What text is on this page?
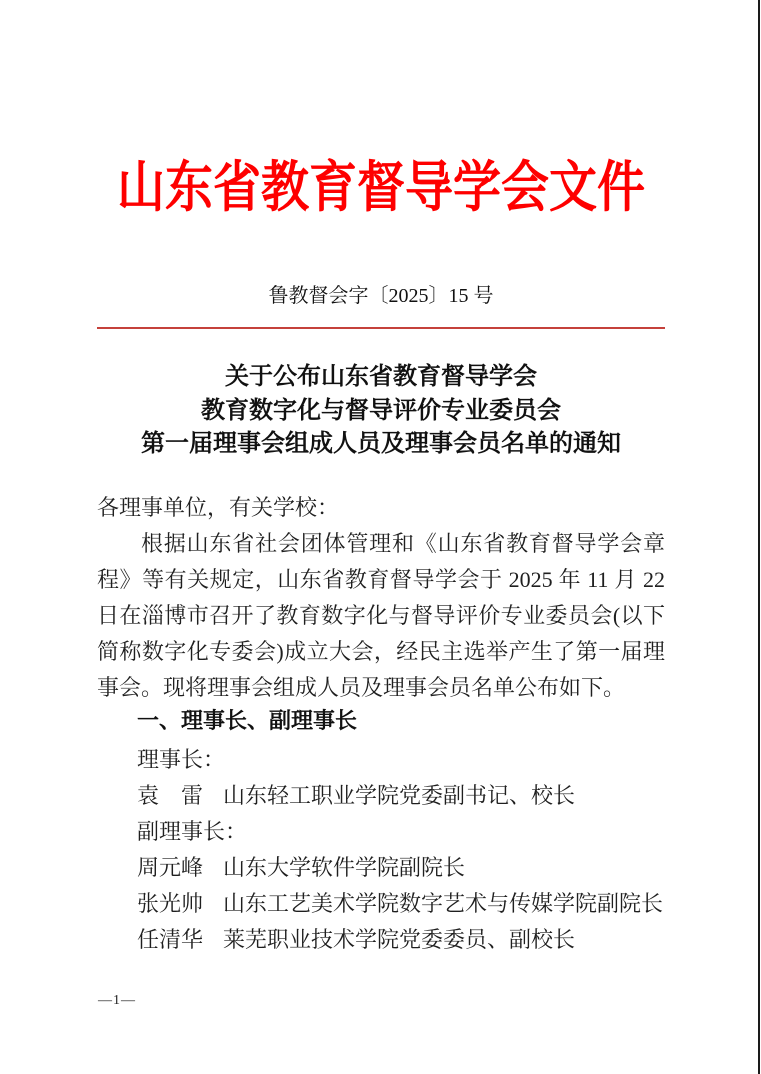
山东省教育督导学会文件
鲁教督会字〔2025〕15 号
关于公布山东省教育督导学会
教育数字化与督导评价专业委员会
第一届理事会组成人员及理事会员名单的通知
各理事单位，有关学校：
根据山东省社会团体管理和《山东省教育督导学会章程》等有关规定，山东省教育督导学会于 2025 年 11 月 22 日在淄博市召开了教育数字化与督导评价专业委员会(以下简称数字化专委会)成立大会，经民主选举产生了第一届理事会。现将理事会组成人员及理事会员名单公布如下。
一、理事长、副理事长
理事长：
袁　雷 山东轻工职业学院党委副书记、校长
副理事长：
周元峰 山东大学软件学院副院长
张光帅 山东工艺美术学院数字艺术与传媒学院副院长
任清华 莱芜职业技术学院党委委员、副校长
—1—
